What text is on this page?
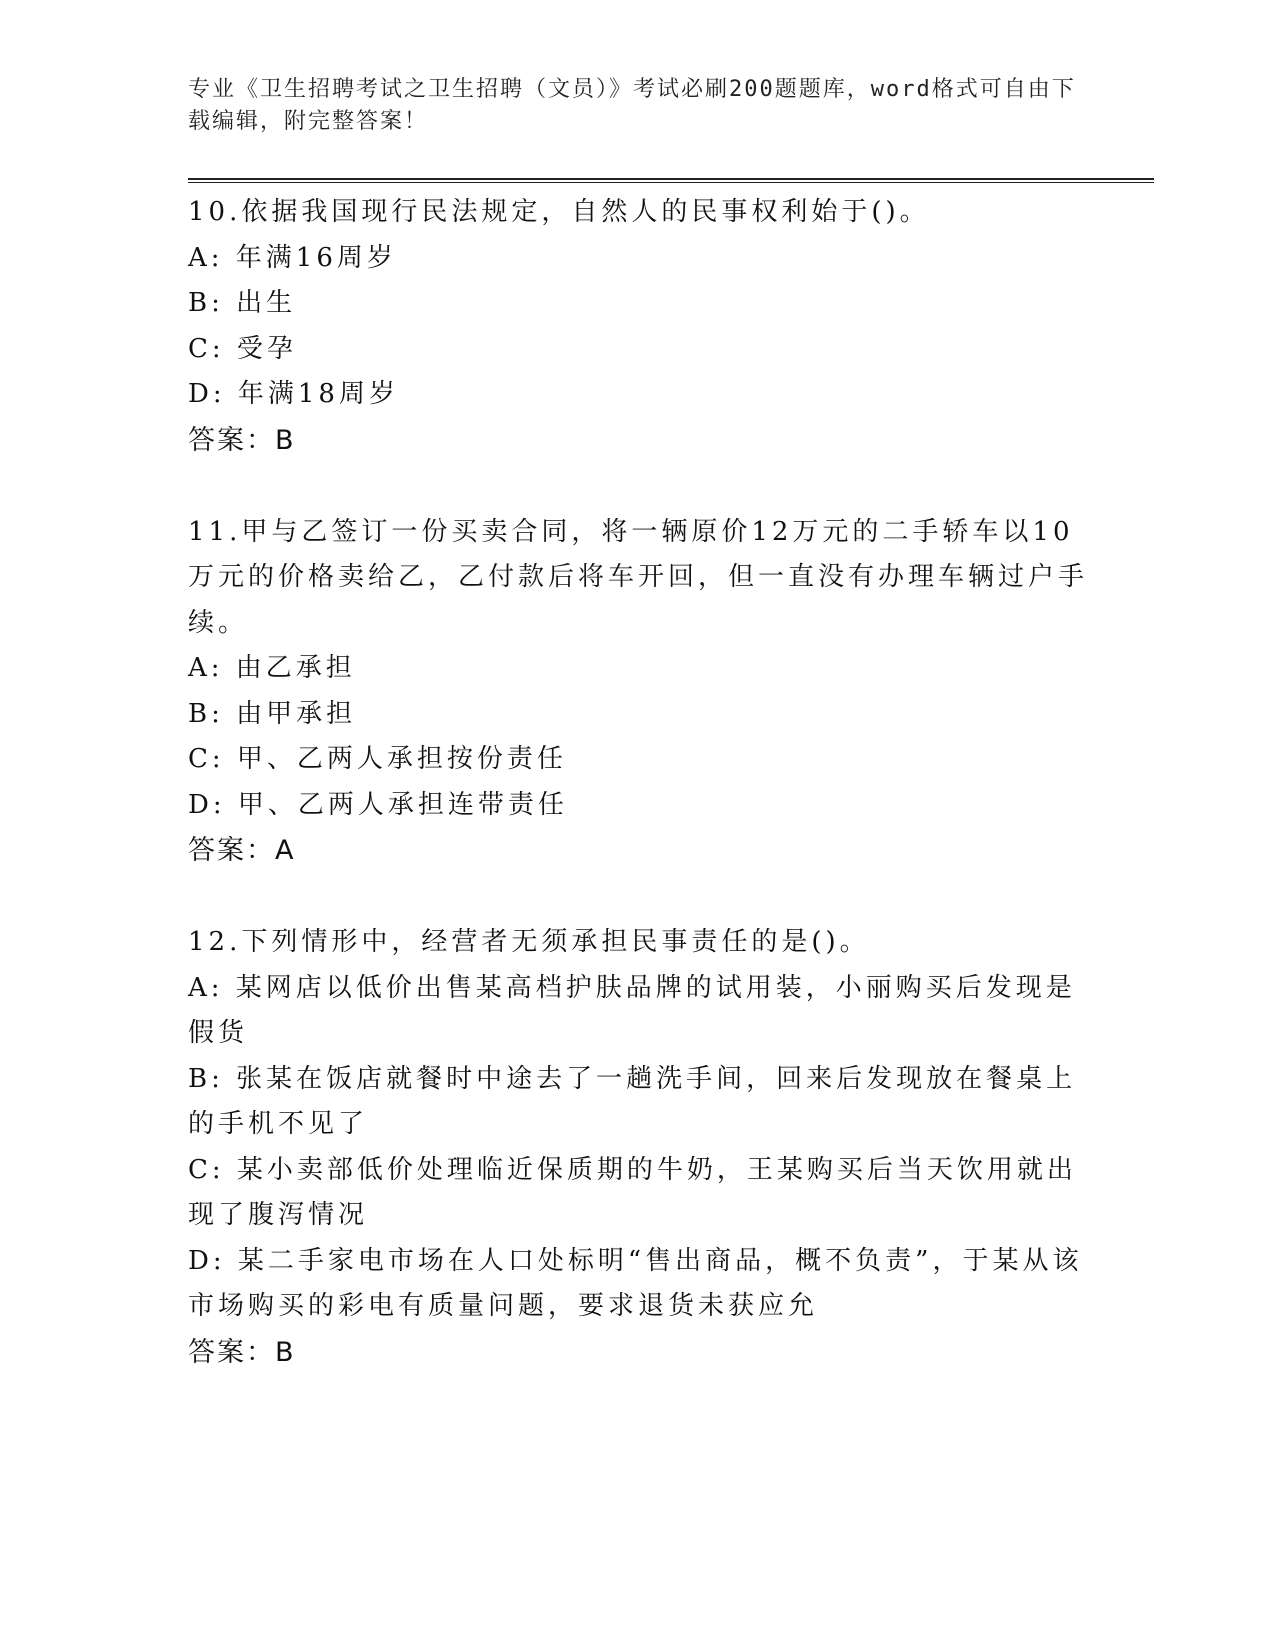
专业《卫生招聘考试之卫生招聘（文员）》考试必刷200题题库，word格式可自由下载编辑，附完整答案！
10.依据我国现行民法规定，自然人的民事权利始于()。
A: 年满16周岁
B: 出生
C: 受孕
D: 年满18周岁
答案：B
11.甲与乙签订一份买卖合同，将一辆原价12万元的二手轿车以10万元的价格卖给乙，乙付款后将车开回，但一直没有办理车辆过户手续。
A: 由乙承担
B: 由甲承担
C: 甲、乙两人承担按份责任
D: 甲、乙两人承担连带责任
答案：A
12.下列情形中，经营者无须承担民事责任的是()。
A: 某网店以低价出售某高档护肤品牌的试用装，小丽购买后发现是假货
B: 张某在饭店就餐时中途去了一趟洗手间，回来后发现放在餐桌上的手机不见了
C: 某小卖部低价处理临近保质期的牛奶，王某购买后当天饮用就出现了腹泻情况
D: 某二手家电市场在人口处标明“售出商品，概不负责”，于某从该市场购买的彩电有质量问题，要求退货未获应允
答案：B
